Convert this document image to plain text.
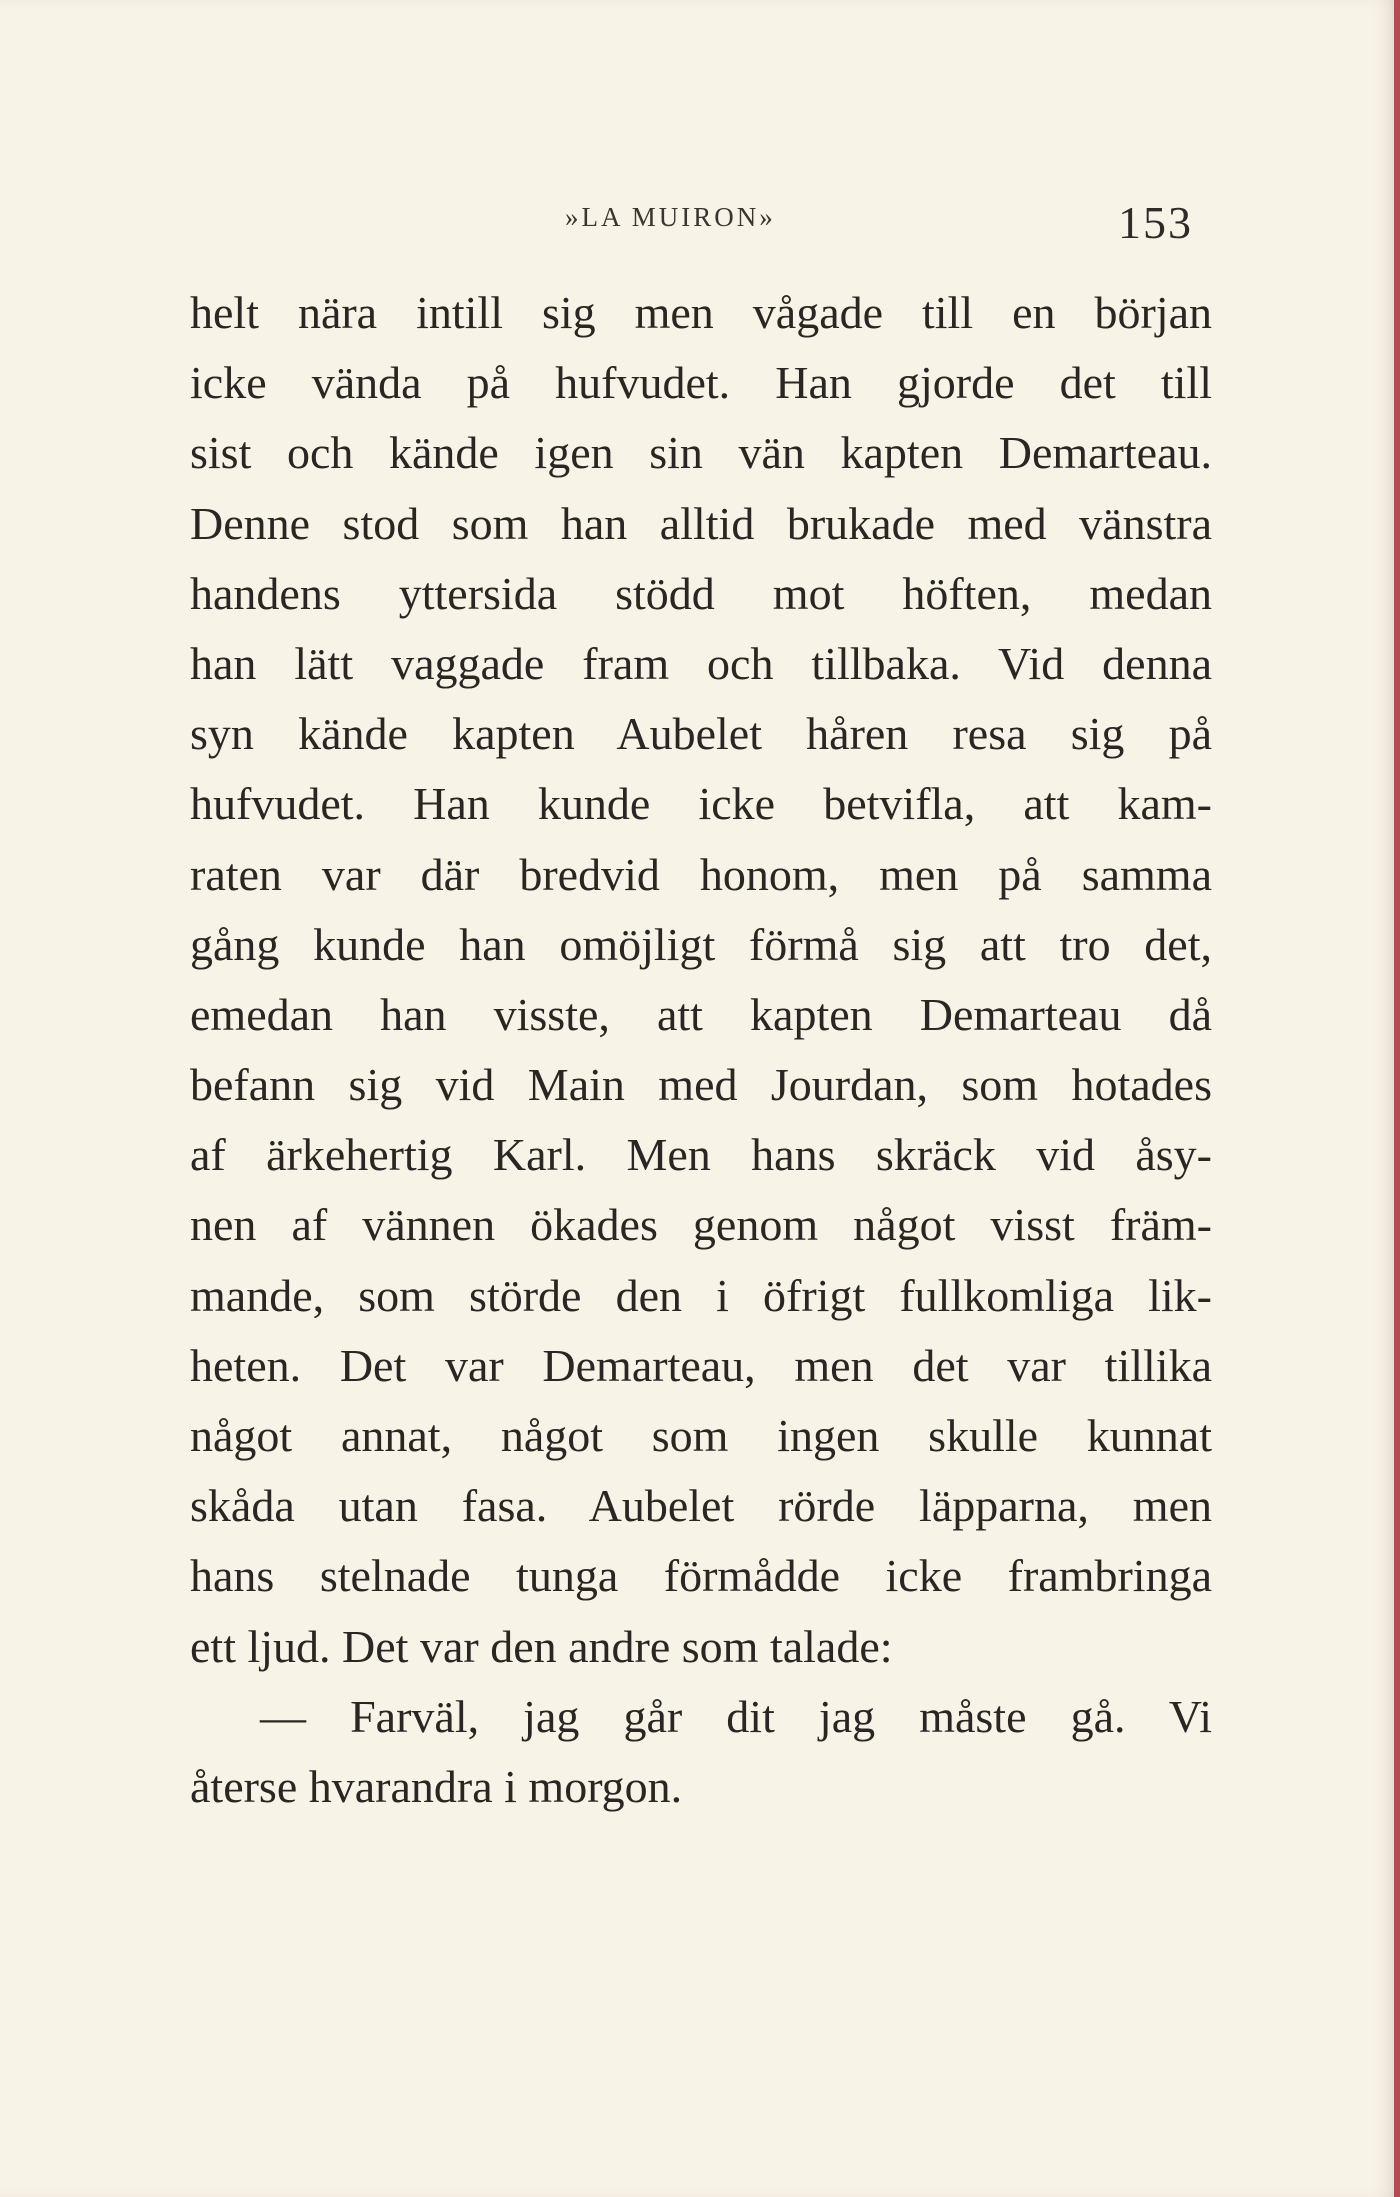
»LA MUIRON»	153
helt nära intill sig men vågade till en början
icke vända på hufvudet. Han gjorde det till
sist och kände igen sin vän kapten Demarteau.
Denne stod som han alltid brukade med vänstra
handens yttersida stödd mot höften, medan
han lätt vaggade fram och tillbaka. Vid denna
syn kände kapten Aubelet håren resa sig på
hufvudet. Han kunde icke betvifla, att kam-
raten var där bredvid honom, men på samma
gång kunde han omöjligt förmå sig att tro det,
emedan han visste, att kapten Demarteau då
befann sig vid Main med Jourdan, som hotades
af ärkehertig Karl. Men hans skräck vid åsy-
nen af vännen ökades genom något visst främ-
mande, som störde den i öfrigt fullkomliga lik-
heten. Det var Demarteau, men det var tillika
något annat, något som ingen skulle kunnat
skåda utan fasa. Aubelet rörde läpparna, men
hans stelnade tunga förmådde icke frambringa
ett ljud. Det var den andre som talade:
— Farväl, jag går dit jag måste gå. Vi
återse hvarandra i morgon.
